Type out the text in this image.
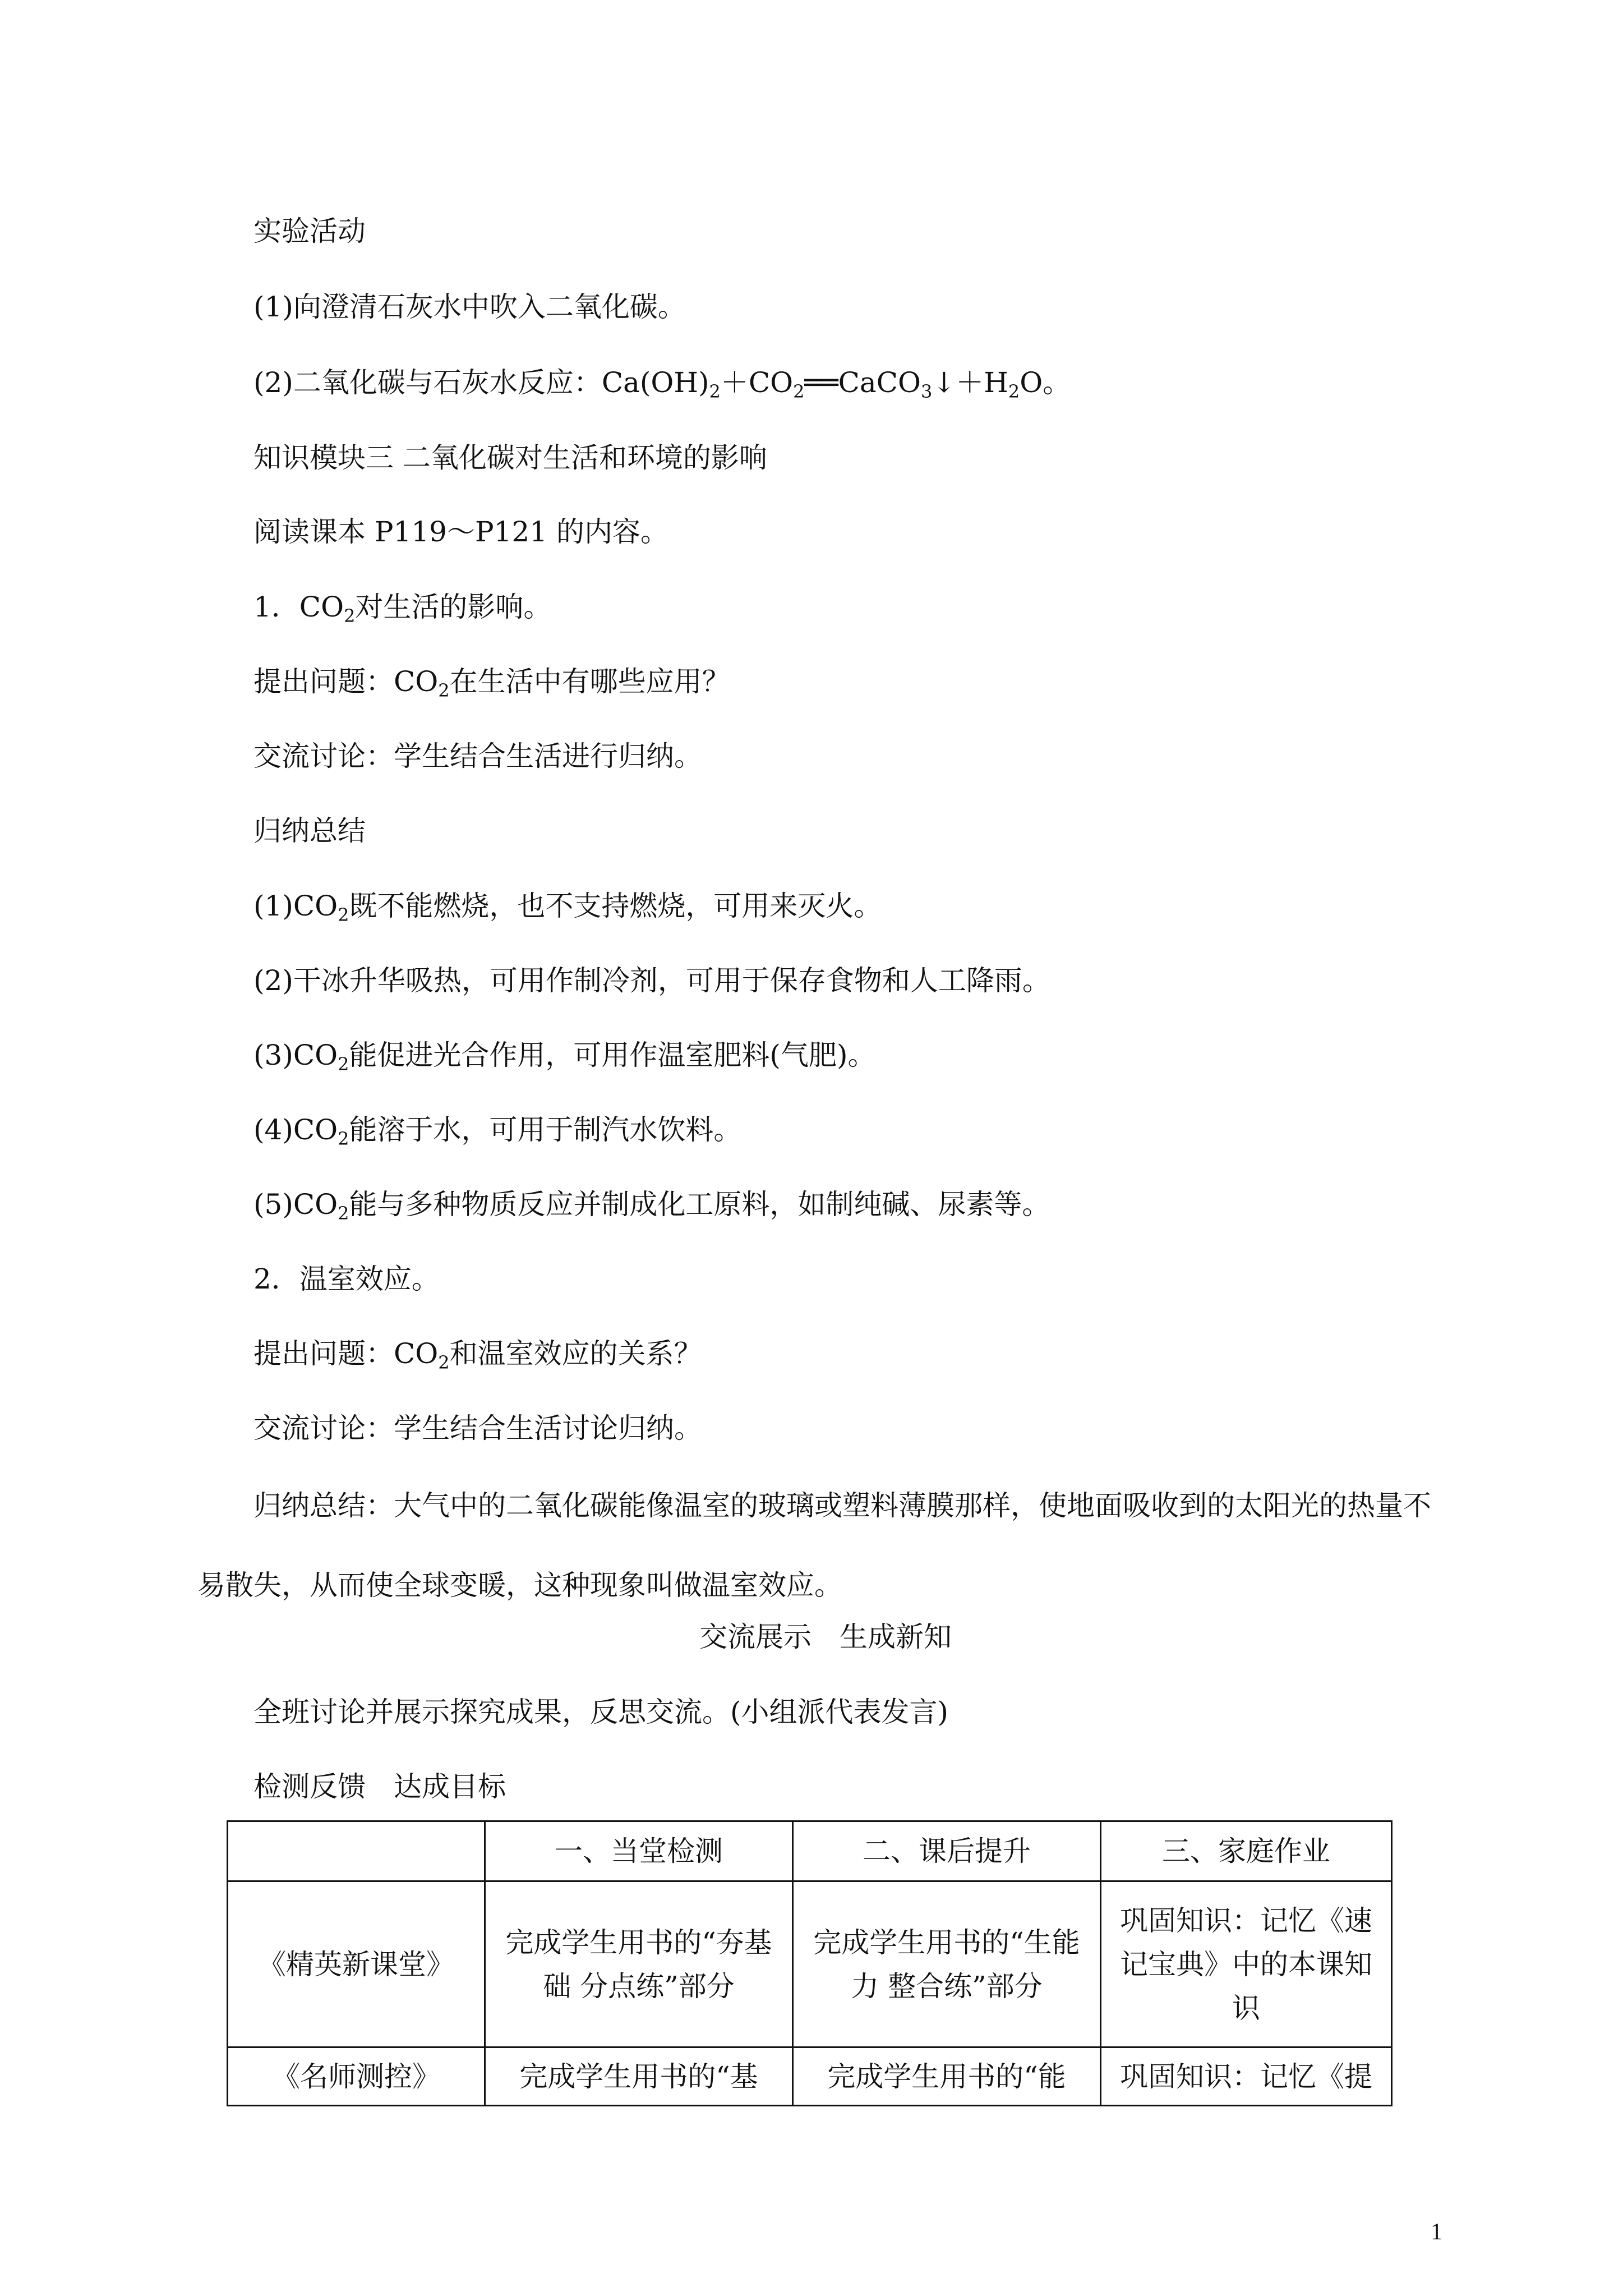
实验活动
(1)向澄清石灰水中吹入二氧化碳。
(2)二氧化碳与石灰水反应：$Ca(OH)_2+CO_2══CaCO_3↓+H_2O$。
知识模块三 二氧化碳对生活和环境的影响
阅读课本 P119～P121 的内容。
1．$CO_2$对生活的影响。
提出问题：$CO_2$在生活中有哪些应用？
交流讨论：学生结合生活进行归纳。
归纳总结
$(1)CO_2$既不能燃烧，也不支持燃烧，可用来灭火。
(2)干冰升华吸热，可用作制冷剂，可用于保存食物和人工降雨。
$(3)CO_2$能促进光合作用，可用作温室肥料(气肥)。
$(4)CO_2$能溶于水，可用于制汽水饮料。
$(5)CO_2$能与多种物质反应并制成化工原料，如制纯碱、尿素等。
2．温室效应。
提出问题：$CO_2$和温室效应的关系？
交流讨论：学生结合生活讨论归纳。
归纳总结：大气中的二氧化碳能像温室的玻璃或塑料薄膜那样，使地面吸收到的太阳光的热量不易散失，从而使全球变暖，这种现象叫做温室效应。
交流展示　生成新知
全班讨论并展示探究成果，反思交流。(小组派代表发言)
检测反馈　达成目标
	一、当堂检测	二、课后提升	三、家庭作业
《精英新课堂》	完成学生用书的“夯基础 分点练”部分	完成学生用书的“生能力 整合练”部分	巩固知识：记忆《速记宝典》中的本课知识
《名师测控》	完成学生用书的“基	完成学生用书的“能	巩固知识：记忆《提
1
